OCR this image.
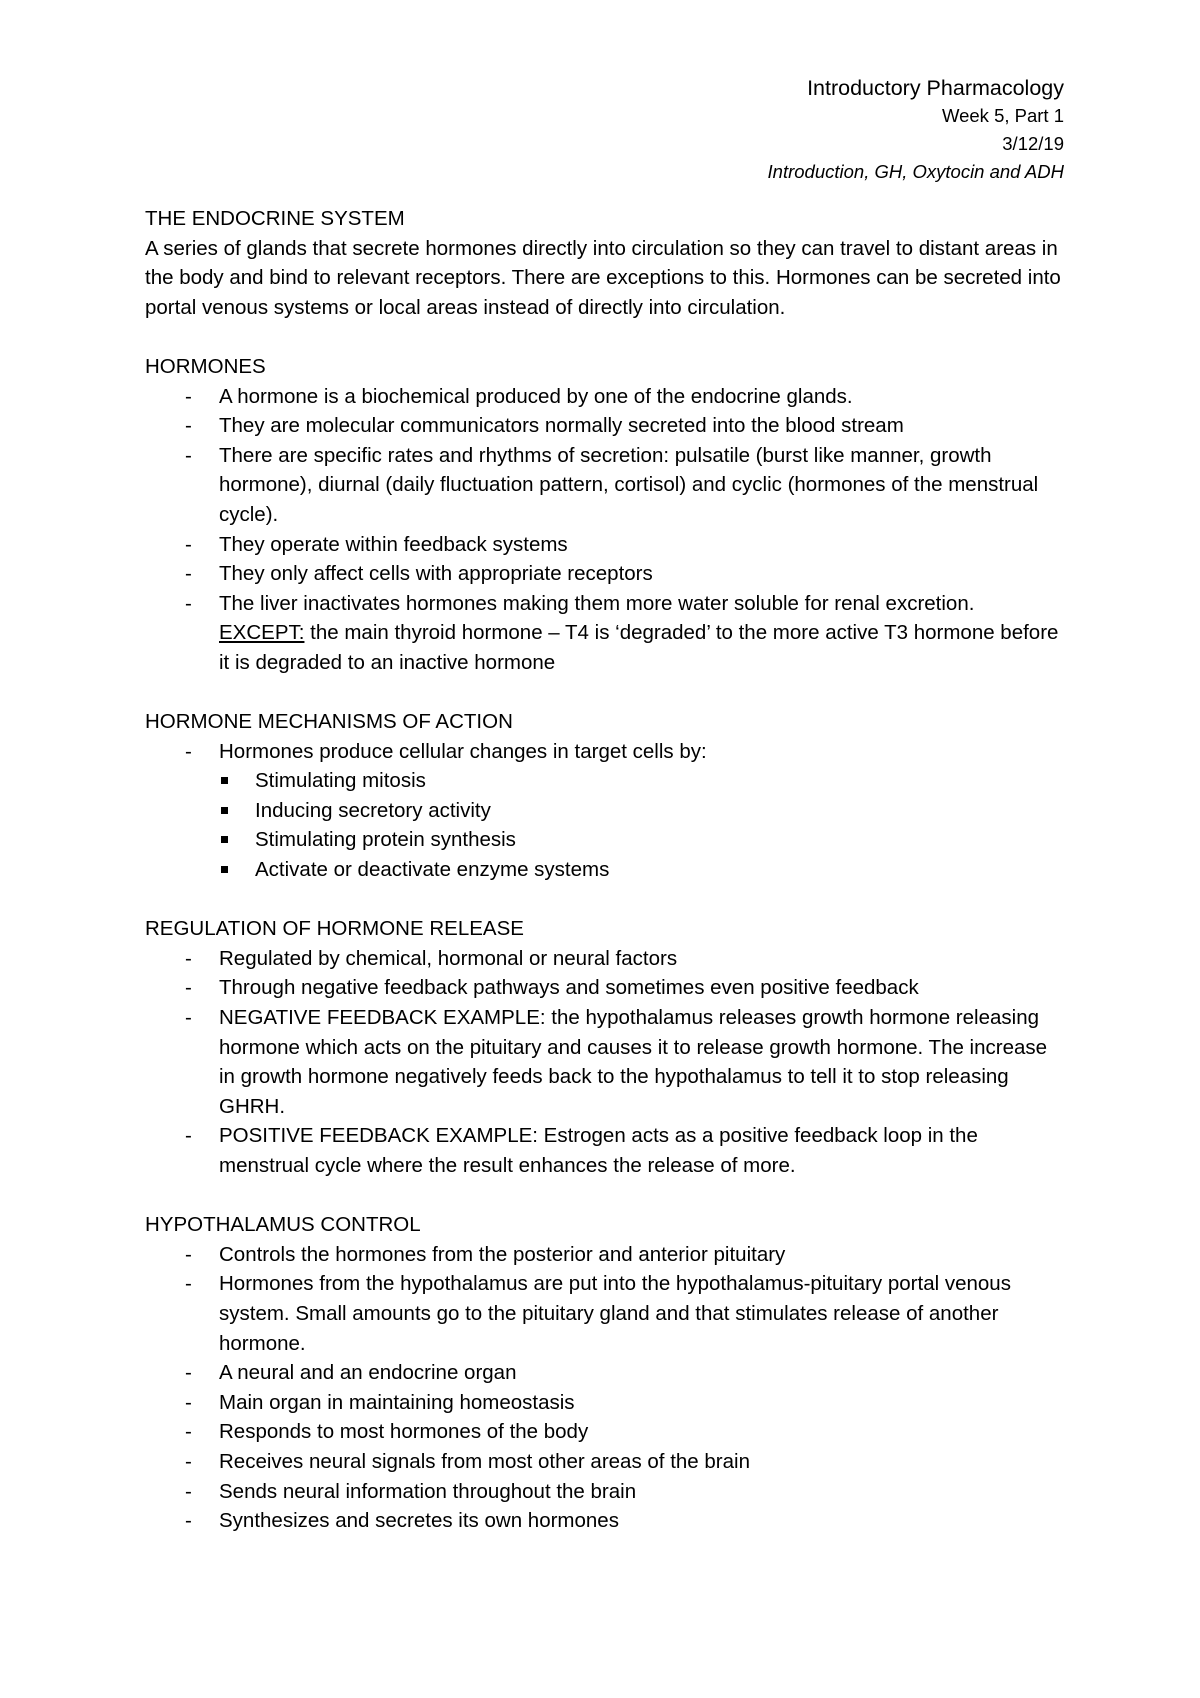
Introductory Pharmacology
Week 5, Part 1
3/12/19
Introduction, GH, Oxytocin and ADH
THE ENDOCRINE SYSTEM

A series of glands that secrete hormones directly into circulation so they can travel to distant areas in the body and bind to relevant receptors. There are exceptions to this. Hormones can be secreted into portal venous systems or local areas instead of directly into circulation.

HORMONES
- A hormone is a biochemical produced by one of the endocrine glands.
- They are molecular communicators normally secreted into the blood stream
- There are specific rates and rhythms of secretion: pulsatile (burst like manner, growth hormone), diurnal (daily fluctuation pattern, cortisol) and cyclic (hormones of the menstrual cycle).
- They operate within feedback systems
- They only affect cells with appropriate receptors
- The liver inactivates hormones making them more water soluble for renal excretion.
EXCEPT: the main thyroid hormone – T4 is ‘degraded’ to the more active T3 hormone before it is degraded to an inactive hormone
HORMONE MECHANISMS OF ACTION
- Hormones produce cellular changes in target cells by:
Stimulating mitosis
Inducing secretory activity
Stimulating protein synthesis
Activate or deactivate enzyme systems
REGULATION OF HORMONE RELEASE
- Regulated by chemical, hormonal or neural factors
- Through negative feedback pathways and sometimes even positive feedback
- NEGATIVE FEEDBACK EXAMPLE: the hypothalamus releases growth hormone releasing hormone which acts on the pituitary and causes it to release growth hormone. The increase in growth hormone negatively feeds back to the hypothalamus to tell it to stop releasing GHRH.
- POSITIVE FEEDBACK EXAMPLE: Estrogen acts as a positive feedback loop in the menstrual cycle where the result enhances the release of more.
HYPOTHALAMUS CONTROL
- Controls the hormones from the posterior and anterior pituitary
- Hormones from the hypothalamus are put into the hypothalamus-pituitary portal venous system. Small amounts go to the pituitary gland and that stimulates release of another hormone.
- A neural and an endocrine organ
- Main organ in maintaining homeostasis
- Responds to most hormones of the body
- Receives neural signals from most other areas of the brain
- Sends neural information throughout the brain
- Synthesizes and secretes its own hormones
